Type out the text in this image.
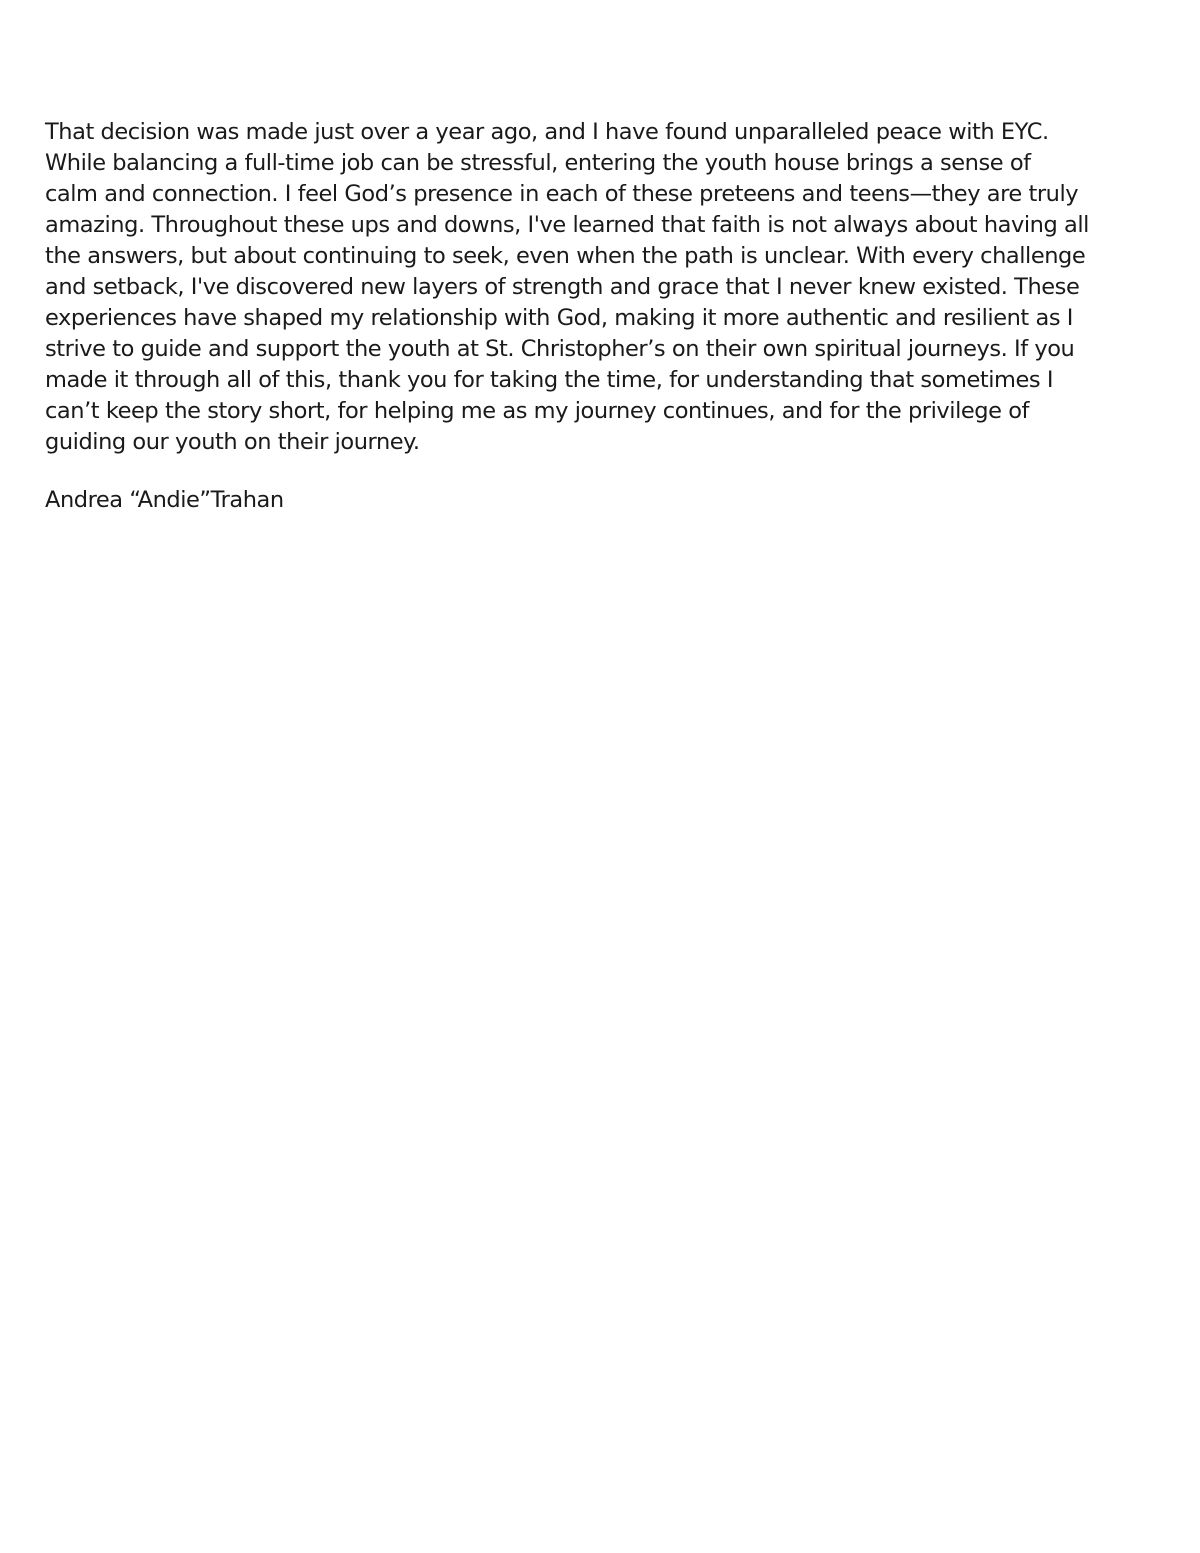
That decision was made just over a year ago, and I have found unparalleled peace with EYC.
While balancing a full-time job can be stressful, entering the youth house brings a sense of
calm and connection. I feel God’s presence in each of these preteens and teens—they are truly
amazing. Throughout these ups and downs, I've learned that faith is not always about having all
the answers, but about continuing to seek, even when the path is unclear. With every challenge
and setback, I've discovered new layers of strength and grace that I never knew existed. These
experiences have shaped my relationship with God, making it more authentic and resilient as I
strive to guide and support the youth at St. Christopher’s on their own spiritual journeys. If you
made it through all of this, thank you for taking the time, for understanding that sometimes I
can’t keep the story short, for helping me as my journey continues, and for the privilege of
guiding our youth on their journey.
Andrea “Andie”Trahan
